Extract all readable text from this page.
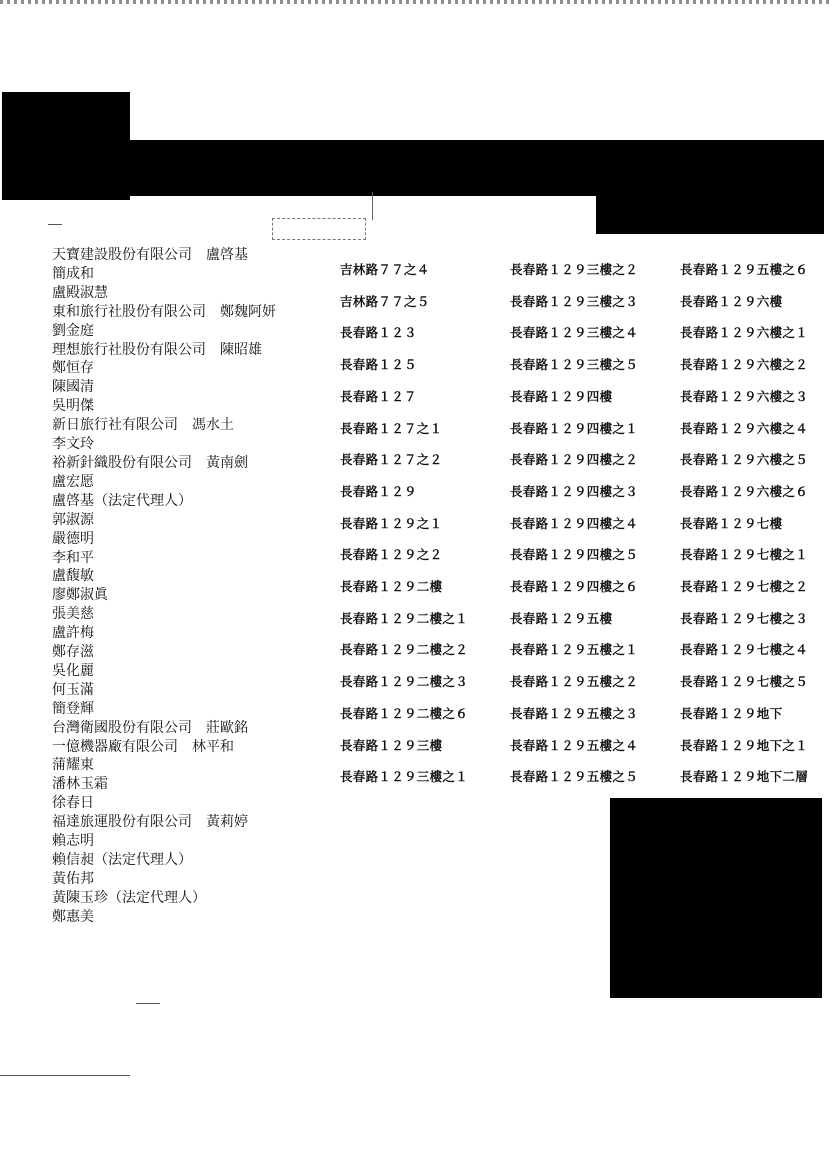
天寶建設股份有限公司　盧啓基
簡成和
盧殿淑慧
東和旅行社股份有限公司　鄭魏阿妍
劉金庭
理想旅行社股份有限公司　陳昭雄
鄭恒存
陳國清
吳明傑
新日旅行社有限公司　馮水土
李文玲
裕新針織股份有限公司　黃南劍
盧宏愿
盧啓基（法定代理人）
郭淑源
嚴德明
李和平
盧馥敏
廖鄭淑眞
張美慈
盧許梅
鄭存滋
吳化麗
何玉滿
簡登輝
台灣衛國股份有限公司　莊歐銘
一億機器廠有限公司　林平和
蒲耀東
潘林玉霜
徐春日
福達旅運股份有限公司　黃莉婷
賴志明
賴信昶（法定代理人）
黃佑邦
黃陳玉珍（法定代理人）
鄭惠美
吉林路７７之４
吉林路７７之５
長春路１２３
長春路１２５
長春路１２７
長春路１２７之１
長春路１２７之２
長春路１２９
長春路１２９之１
長春路１２９之２
長春路１２９二樓
長春路１２９二樓之１
長春路１２９二樓之２
長春路１２９二樓之３
長春路１２９二樓之６
長春路１２９三樓
長春路１２９三樓之１
長春路１２９三樓之２
長春路１２９三樓之３
長春路１２９三樓之４
長春路１２９三樓之５
長春路１２９四樓
長春路１２９四樓之１
長春路１２９四樓之２
長春路１２９四樓之３
長春路１２９四樓之４
長春路１２９四樓之５
長春路１２９四樓之６
長春路１２９五樓
長春路１２９五樓之１
長春路１２９五樓之２
長春路１２９五樓之３
長春路１２９五樓之４
長春路１２９五樓之５
長春路１２９五樓之６
長春路１２９六樓
長春路１２９六樓之１
長春路１２９六樓之２
長春路１２９六樓之３
長春路１２９六樓之４
長春路１２９六樓之５
長春路１２９六樓之６
長春路１２９七樓
長春路１２９七樓之１
長春路１２９七樓之２
長春路１２９七樓之３
長春路１２９七樓之４
長春路１２９七樓之５
長春路１２９地下
長春路１２９地下之１
長春路１２９地下二層
